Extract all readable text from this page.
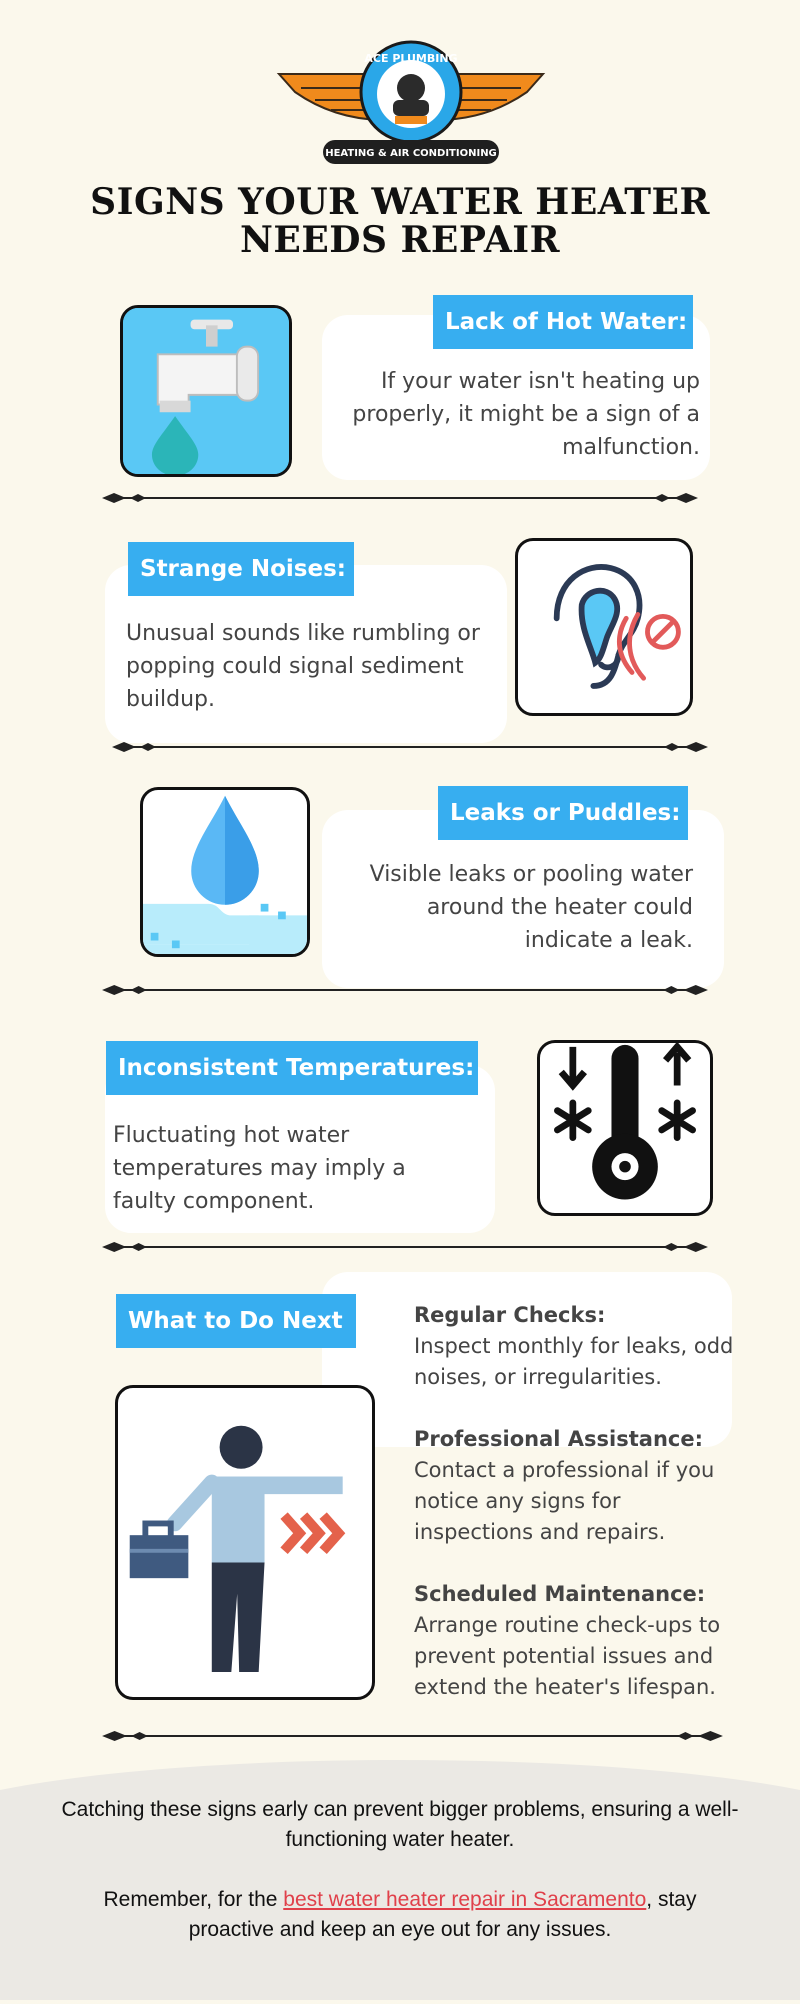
ACE PLUMBING
HEATING & AIR CONDITIONING
SIGNS YOUR WATER HEATER NEEDS REPAIR
Lack of Hot Water:
If your water isn't heating up properly, it might be a sign of a malfunction.
Strange Noises:
Unusual sounds like rumbling or popping could signal sediment buildup.
Leaks or Puddles:
Visible leaks or pooling water around the heater could indicate a leak.
Inconsistent Temperatures:
Fluctuating hot water temperatures may imply a faulty component.
What to Do Next	Regular Checks:
Inspect monthly for leaks, odd noises, or irregularities.
Professional Assistance:
Contact a professional if you notice any signs for inspections and repairs.
Scheduled Maintenance:
Arrange routine check-ups to prevent potential issues and extend the heater's lifespan.
Catching these signs early can prevent bigger problems, ensuring a well-functioning water heater.
Remember, for the best water heater repair in Sacramento, stay proactive and keep an eye out for any issues.
